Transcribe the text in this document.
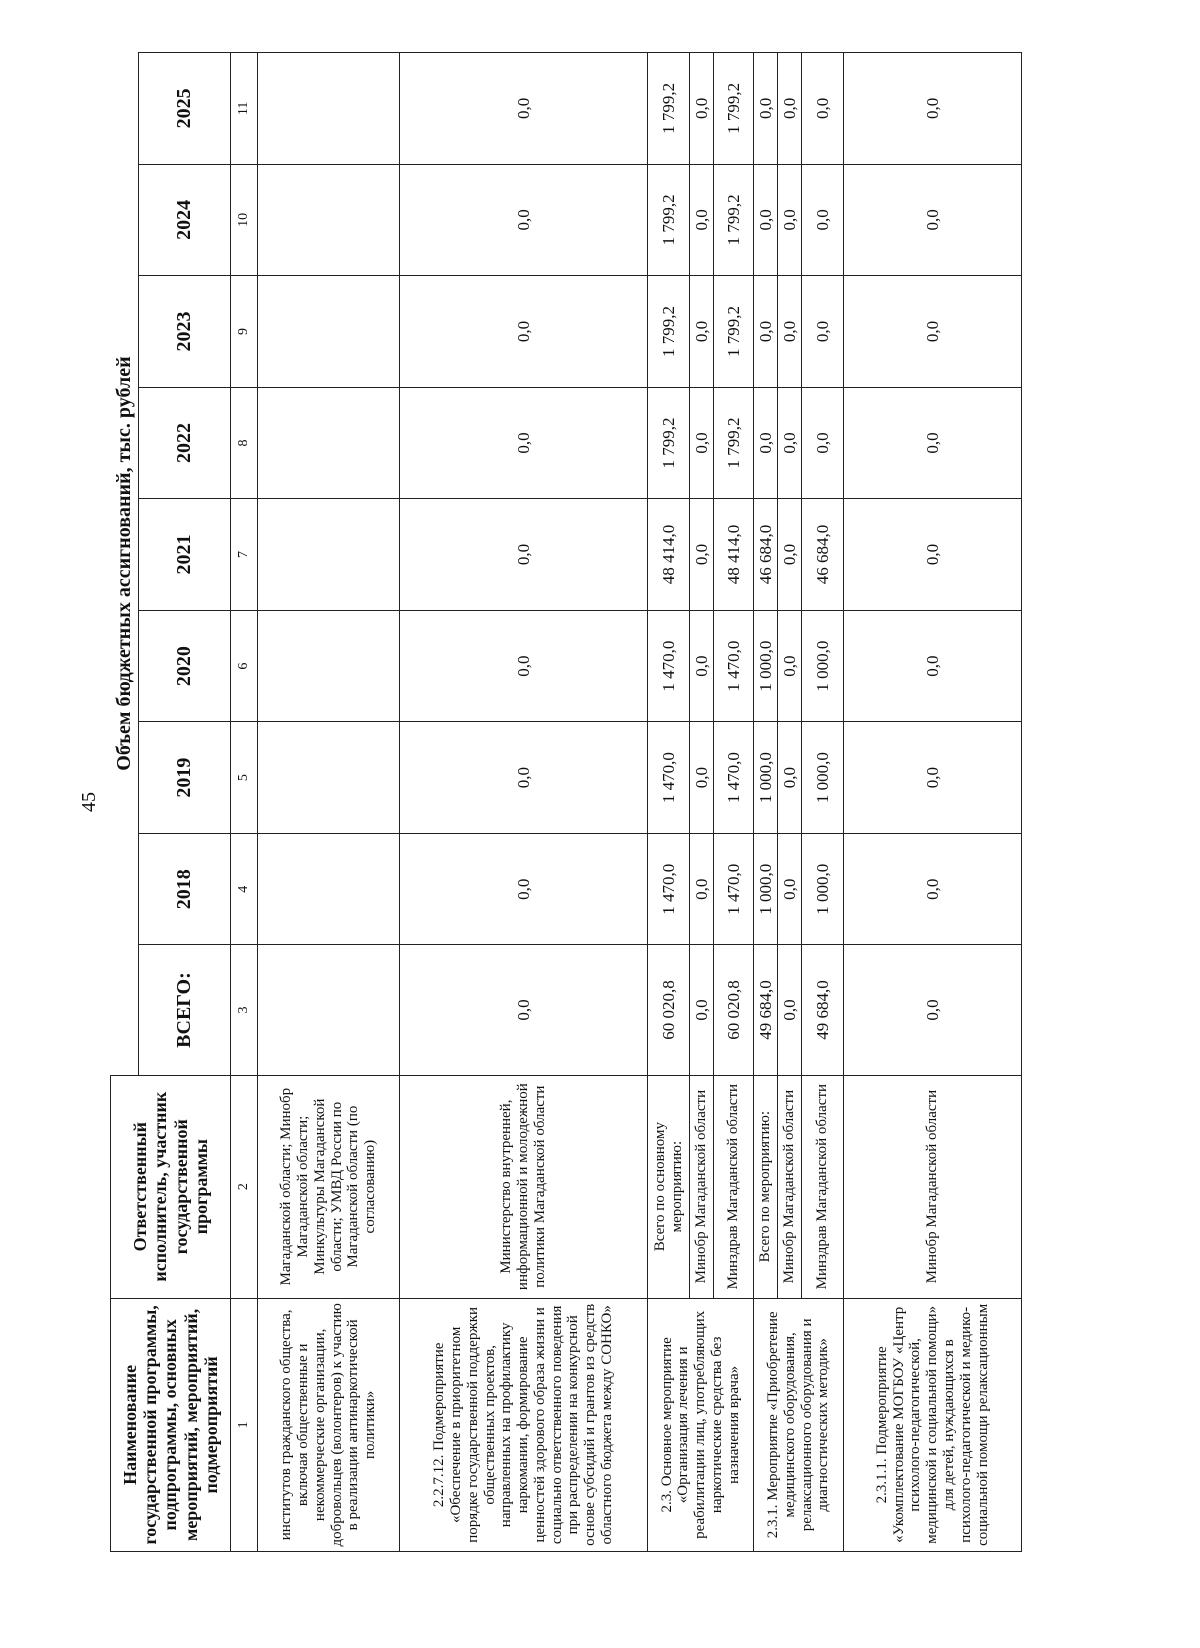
45
Наименование государственной программы, подпрограммы, основных мероприятий, мероприятий, подмероприятий	Ответственный исполнитель, участник государственной программы	Объем бюджетных ассигнований, тыс. рублей								
		ВСЕГО:	2018	2019	2020	2021	2022	2023	2024	2025
1	2	3	4	5	6	7	8	9	10	11
институтов гражданского общества, включая общественные и некоммерческие организации, добровольцев (волонтеров) к участию в реализации антинаркотической политики»	Магаданской области; Минобр Магаданской области; Минкультуры Магаданской области; УМВД России по Магаданской области (по согласованию)									
2.2.7.12. Подмероприятие «Обеспечение в приоритетном порядке государственной поддержки общественных проектов, направленных на профилактику наркомании, формирование ценностей здорового образа жизни и социально ответственного поведения при распределении на конкурсной основе субсидий и грантов из средств областного бюджета между СОНКО»	Министерство внутренней, информационной и молодежной политики Магаданской области	0,0	0,0	0,0	0,0	0,0	0,0	0,0	0,0	0,0
2.3. Основное мероприятие «Организация лечения и реабилитации лиц, употребляющих наркотические средства без назначения врача»	Всего по основному мероприятию:	60 020,8	1 470,0	1 470,0	1 470,0	48 414,0	1 799,2	1 799,2	1 799,2	1 799,2
	Минобр Магаданской области	0,0	0,0	0,0	0,0	0,0	0,0	0,0	0,0	0,0
	Минздрав Магаданской области	60 020,8	1 470,0	1 470,0	1 470,0	48 414,0	1 799,2	1 799,2	1 799,2	1 799,2
2.3.1. Мероприятие «Приобретение медицинского оборудования, релаксационного оборудования и диагностических методик»	Всего по мероприятию:	49 684,0	1 000,0	1 000,0	1 000,0	46 684,0	0,0	0,0	0,0	0,0
	Минобр Магаданской области	0,0	0,0	0,0	0,0	0,0	0,0	0,0	0,0	0,0
	Минздрав Магаданской области	49 684,0	1 000,0	1 000,0	1 000,0	46 684,0	0,0	0,0	0,0	0,0
2.3.1.1. Подмероприятие «Укомплектование МОГБОУ «Центр психолого-педагогической, медицинской и социальной помощи» для детей, нуждающихся в психолого-педагогической и медико-социальной помощи релаксационным	Минобр Магаданской области	0,0	0,0	0,0	0,0	0,0	0,0	0,0	0,0	0,0
